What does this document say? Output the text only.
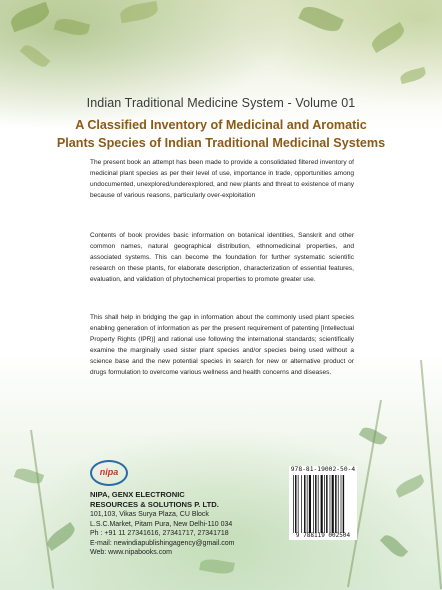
Indian Traditional Medicine System - Volume 01
A Classified Inventory of Medicinal and Aromatic
Plants Species of Indian Traditional Medicinal Systems
The present book an attempt has been made to provide a consolidated filtered inventory of medicinal plant species as per their level of use, importance in trade, opportunities among undocumented, unexplored/underexplored, and new plants and threat to existence of many because of various reasons, particularly over-exploitation
Contents of book provides basic information on botanical identities, Sanskrit and other common names, natural geographical distribution, ethnomedicinal properties, and associated systems. This can become the foundation for further systematic scientific research on these plants, for elaborate description, characterization of essential features, evaluation, and validation of phytochemical properties to promote greater use.
This shall help in bridging the gap in information about the commonly used plant species enabling generation of information as per the present requirement of patenting [Intellectual Property Rights (IPR)] and rational use following the international standards; scientifically examine the marginally used sister plant species and/or species being used without a science base and the new potential species in search for new or alternative product or drugs formulation to overcome various wellness and health concerns and diseases.
nipa
NIPA, GENX ELECTRONIC
RESOURCES & SOLUTIONS P. LTD.
101,103, Vikas Surya Plaza, CU Block
L.S.C.Market, Pitam Pura, New Delhi-110 034
Ph : +91 11 27341616, 27341717, 27341718
E-mail: newindiapublishingagency@gmail.com
Web: www.nipabooks.com
978-81-19002-50-4
9 788119 002504
